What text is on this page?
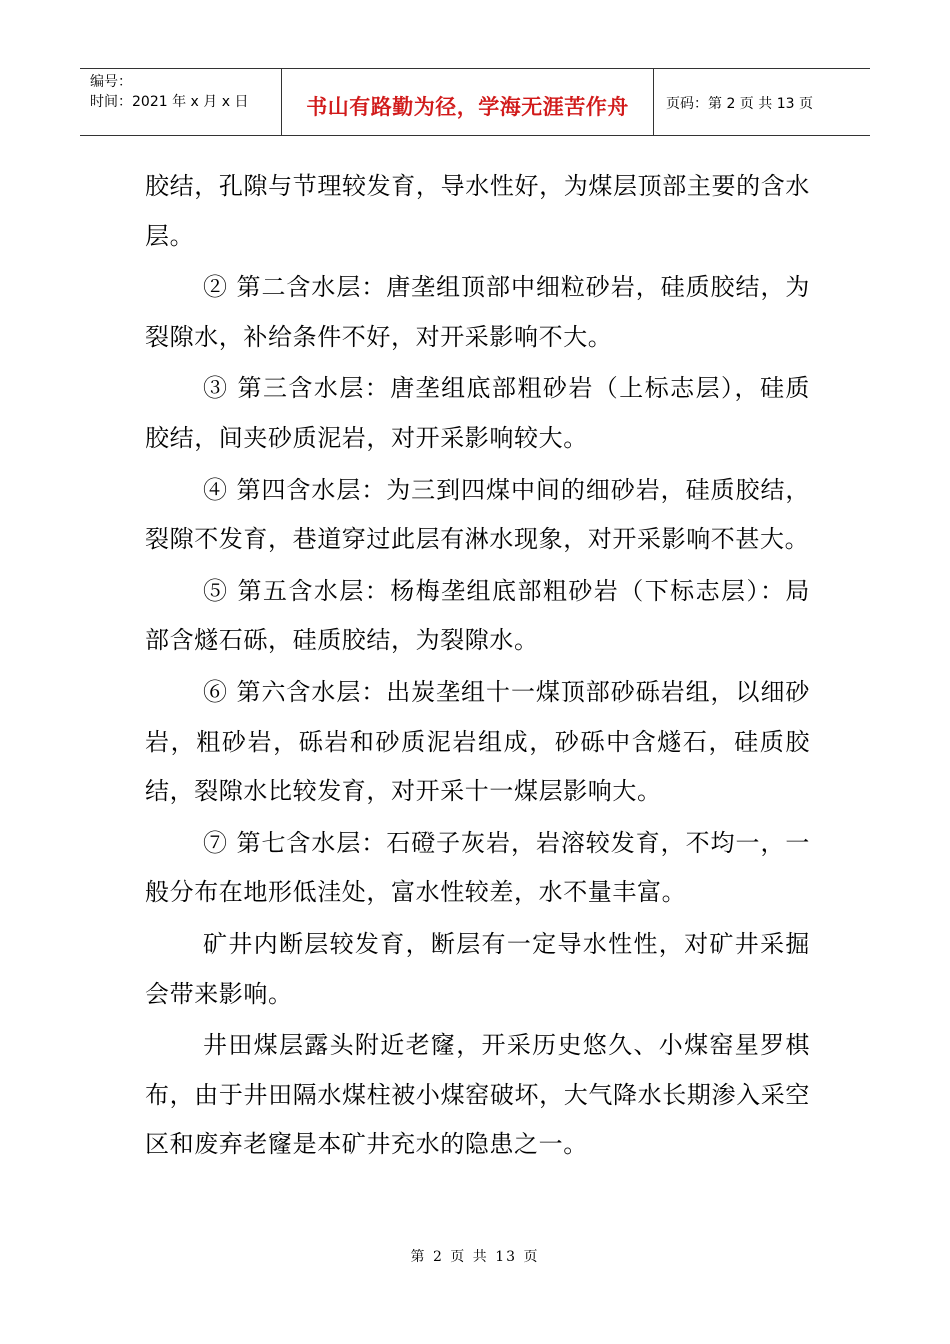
编号：
时间：2021 年 x 月 x 日	书山有路勤为径，学海无涯苦作舟	页码：第 2 页 共 13 页

胶结，孔隙与节理较发育，导水性好，为煤层顶部主要的含水层。

② 第二含水层：唐垄组顶部中细粒砂岩，硅质胶结，为裂隙水，补给条件不好，对开采影响不大。

③ 第三含水层：唐垄组底部粗砂岩（上标志层），硅质胶结，间夹砂质泥岩，对开采影响较大。

④ 第四含水层：为三到四煤中间的细砂岩，硅质胶结，裂隙不发育，巷道穿过此层有淋水现象，对开采影响不甚大。

⑤ 第五含水层：杨梅垄组底部粗砂岩（下标志层）：局部含燧石砾，硅质胶结，为裂隙水。

⑥ 第六含水层：出炭垄组十一煤顶部砂砾岩组，以细砂岩，粗砂岩，砾岩和砂质泥岩组成，砂砾中含燧石，硅质胶结，裂隙水比较发育，对开采十一煤层影响大。

⑦ 第七含水层：石磴子灰岩，岩溶较发育，不均一，一般分布在地形低洼处，富水性较差，水不量丰富。

矿井内断层较发育，断层有一定导水性性，对矿井采掘会带来影响。

井田煤层露头附近老窿，开采历史悠久、小煤窑星罗棋布，由于井田隔水煤柱被小煤窑破坏，大气降水长期渗入采空区和废弃老窿是本矿井充水的隐患之一。

第 2 页 共 13 页
